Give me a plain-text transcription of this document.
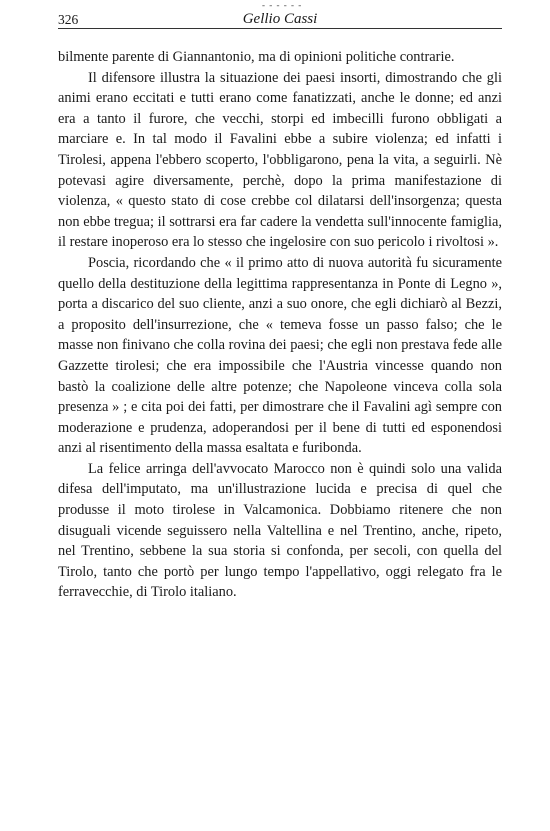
- - - - - -
326	Gellio Cassi

bilmente parente di Giannantonio, ma di opinioni politiche contrarie.

Il difensore illustra la situazione dei paesi insorti, dimostrando che gli animi erano eccitati e tutti erano come fanatizzati, anche le donne; ed anzi era a tanto il furore, che vecchi, storpi ed imbecilli furono obbligati a marciare e. In tal modo il Favalini ebbe a subire violenza; ed infatti i Tirolesi, appena l'ebbero scoperto, l'obbligarono, pena la vita, a seguirli. Nè potevasi agire diversamente, perchè, dopo la prima manifestazione di violenza, « questo stato di cose crebbe col dilatarsi dell'insorgenza; questa non ebbe tregua; il sottrarsi era far cadere la vendetta sull'innocente famiglia, il restare inoperoso era lo stesso che ingelosire con suo pericolo i rivoltosi ».

Poscia, ricordando che « il primo atto di nuova autorità fu sicuramente quello della destituzione della legittima rappresentanza in Ponte di Legno », porta a discarico del suo cliente, anzi a suo onore, che egli dichiarò al Bezzi, a proposito dell'insurrezione, che « temeva fosse un passo falso; che le masse non finivano che colla rovina dei paesi; che egli non prestava fede alle Gazzette tirolesi; che era impossibile che l'Austria vincesse quando non bastò la coalizione delle altre potenze; che Napoleone vinceva colla sola presenza » ; e cita poi dei fatti, per dimostrare che il Favalini agì sempre con moderazione e prudenza, adoperandosi per il bene di tutti ed esponendosi anzi al risentimento della massa esaltata e furibonda.

La felice arringa dell'avvocato Marocco non è quindi solo una valida difesa dell'imputato, ma un'illustrazione lucida e precisa di quel che produsse il moto tirolese in Valcamonica. Dobbiamo ritenere che non disuguali vicende seguissero nella Valtellina e nel Trentino, anche, ripeto, nel Trentino, sebbene la sua storia si confonda, per secoli, con quella del Tirolo, tanto che portò per lungo tempo l'appellativo, oggi relegato fra le ferravecchie, di Tirolo italiano.
